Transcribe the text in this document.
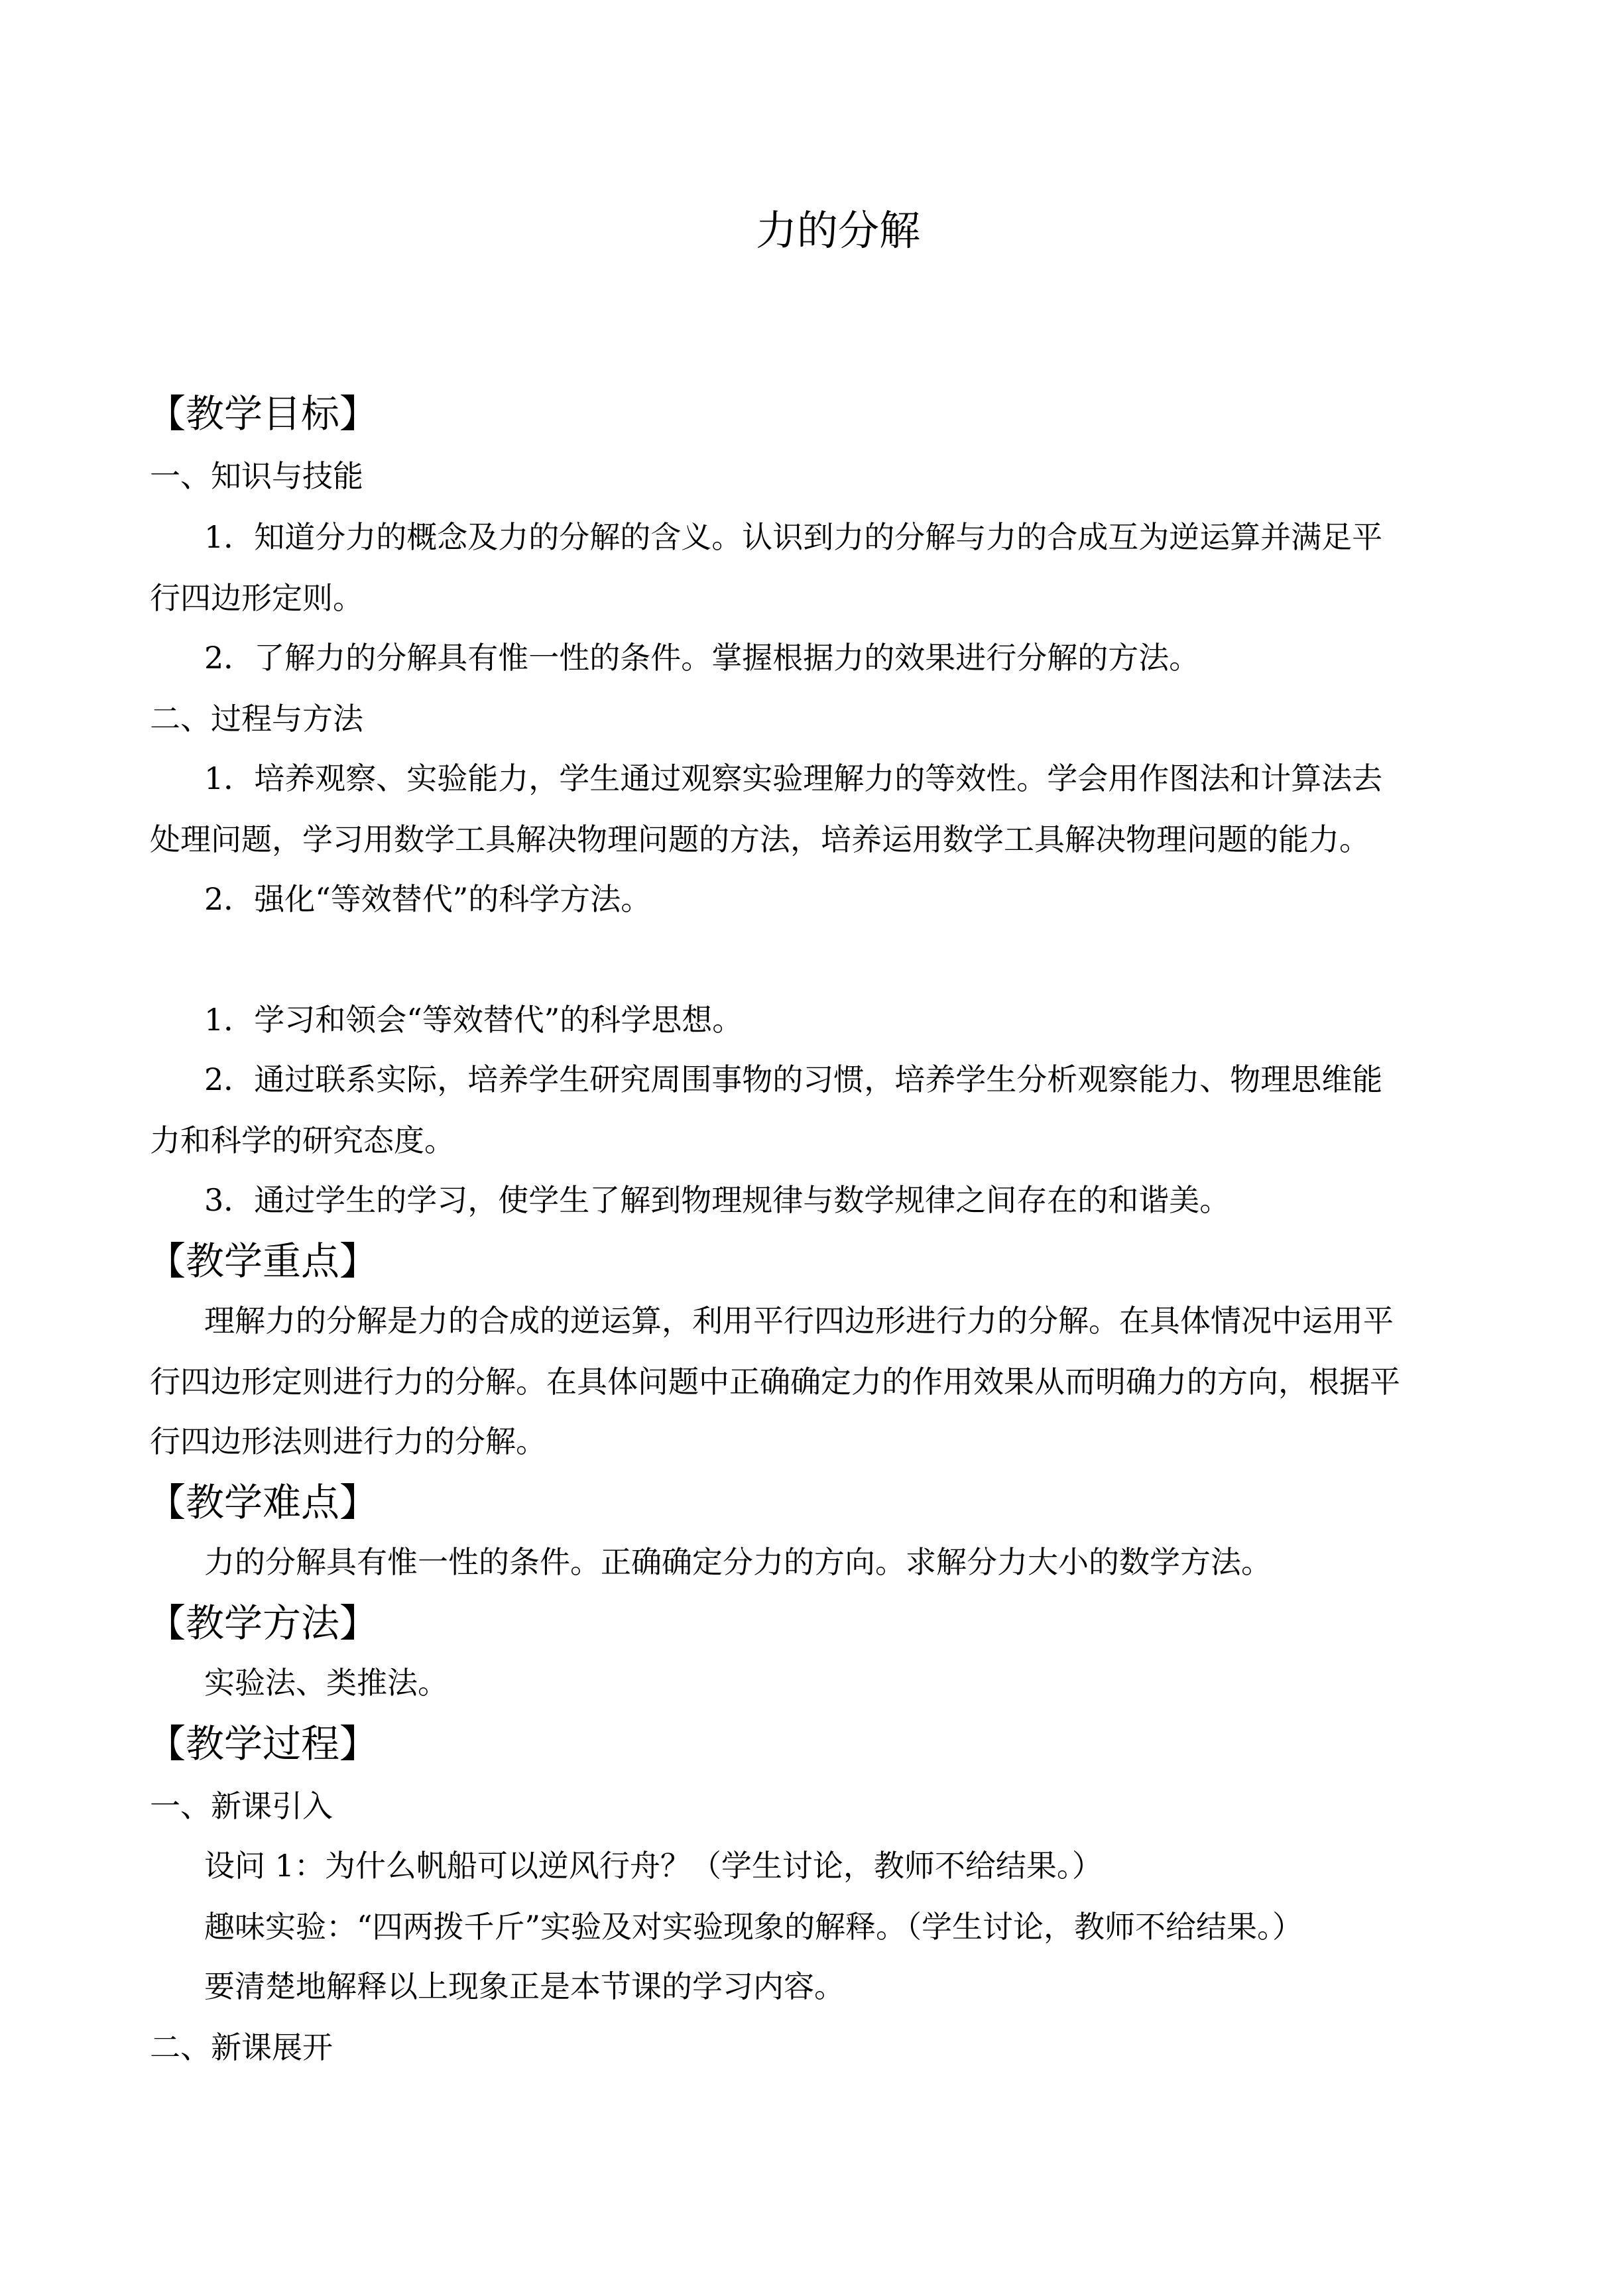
力的分解
【教学目标】
一、知识与技能
1．知道分力的概念及力的分解的含义。认识到力的分解与力的合成互为逆运算并满足平
行四边形定则。
2．了解力的分解具有惟一性的条件。掌握根据力的效果进行分解的方法。
二、过程与方法
1．培养观察、实验能力，学生通过观察实验理解力的等效性。学会用作图法和计算法去
处理问题，学习用数学工具解决物理问题的方法，培养运用数学工具解决物理问题的能力。
2．强化“等效替代”的科学方法。
1．学习和领会“等效替代”的科学思想。
2．通过联系实际，培养学生研究周围事物的习惯，培养学生分析观察能力、物理思维能
力和科学的研究态度。
3．通过学生的学习，使学生了解到物理规律与数学规律之间存在的和谐美。
【教学重点】
理解力的分解是力的合成的逆运算，利用平行四边形进行力的分解。在具体情况中运用平
行四边形定则进行力的分解。在具体问题中正确确定力的作用效果从而明确力的方向，根据平
行四边形法则进行力的分解。
【教学难点】
力的分解具有惟一性的条件。正确确定分力的方向。求解分力大小的数学方法。
【教学方法】
实验法、类推法。
【教学过程】
一、新课引入
设问 1：为什么帆船可以逆风行舟？（学生讨论，教师不给结果。）
趣味实验：“四两拨千斤”实验及对实验现象的解释。（学生讨论，教师不给结果。）
要清楚地解释以上现象正是本节课的学习内容。
二、新课展开
